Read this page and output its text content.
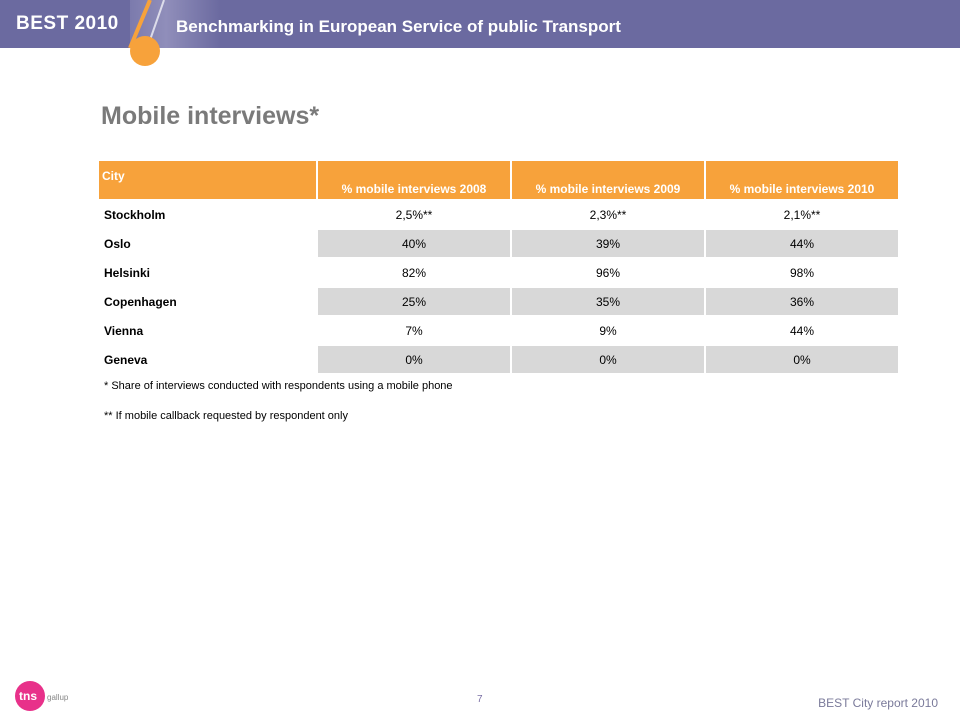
BEST 2010	Benchmarking in European Service of public Transport
Mobile interviews*
City	% mobile interviews 2008	% mobile interviews 2009	% mobile interviews 2010

Stockholm	2,5%**	2,3%**	2,1%**

Oslo	40%	39%	44%

Helsinki	82%	96%	98%

Copenhagen	25%	35%	36%

Vienna	7%	9%	44%

Geneva	0%	0%	0%
* Share of interviews conducted with respondents using a mobile phone
** If mobile callback requested by respondent only
tns gallup	7	BEST City report 2010
